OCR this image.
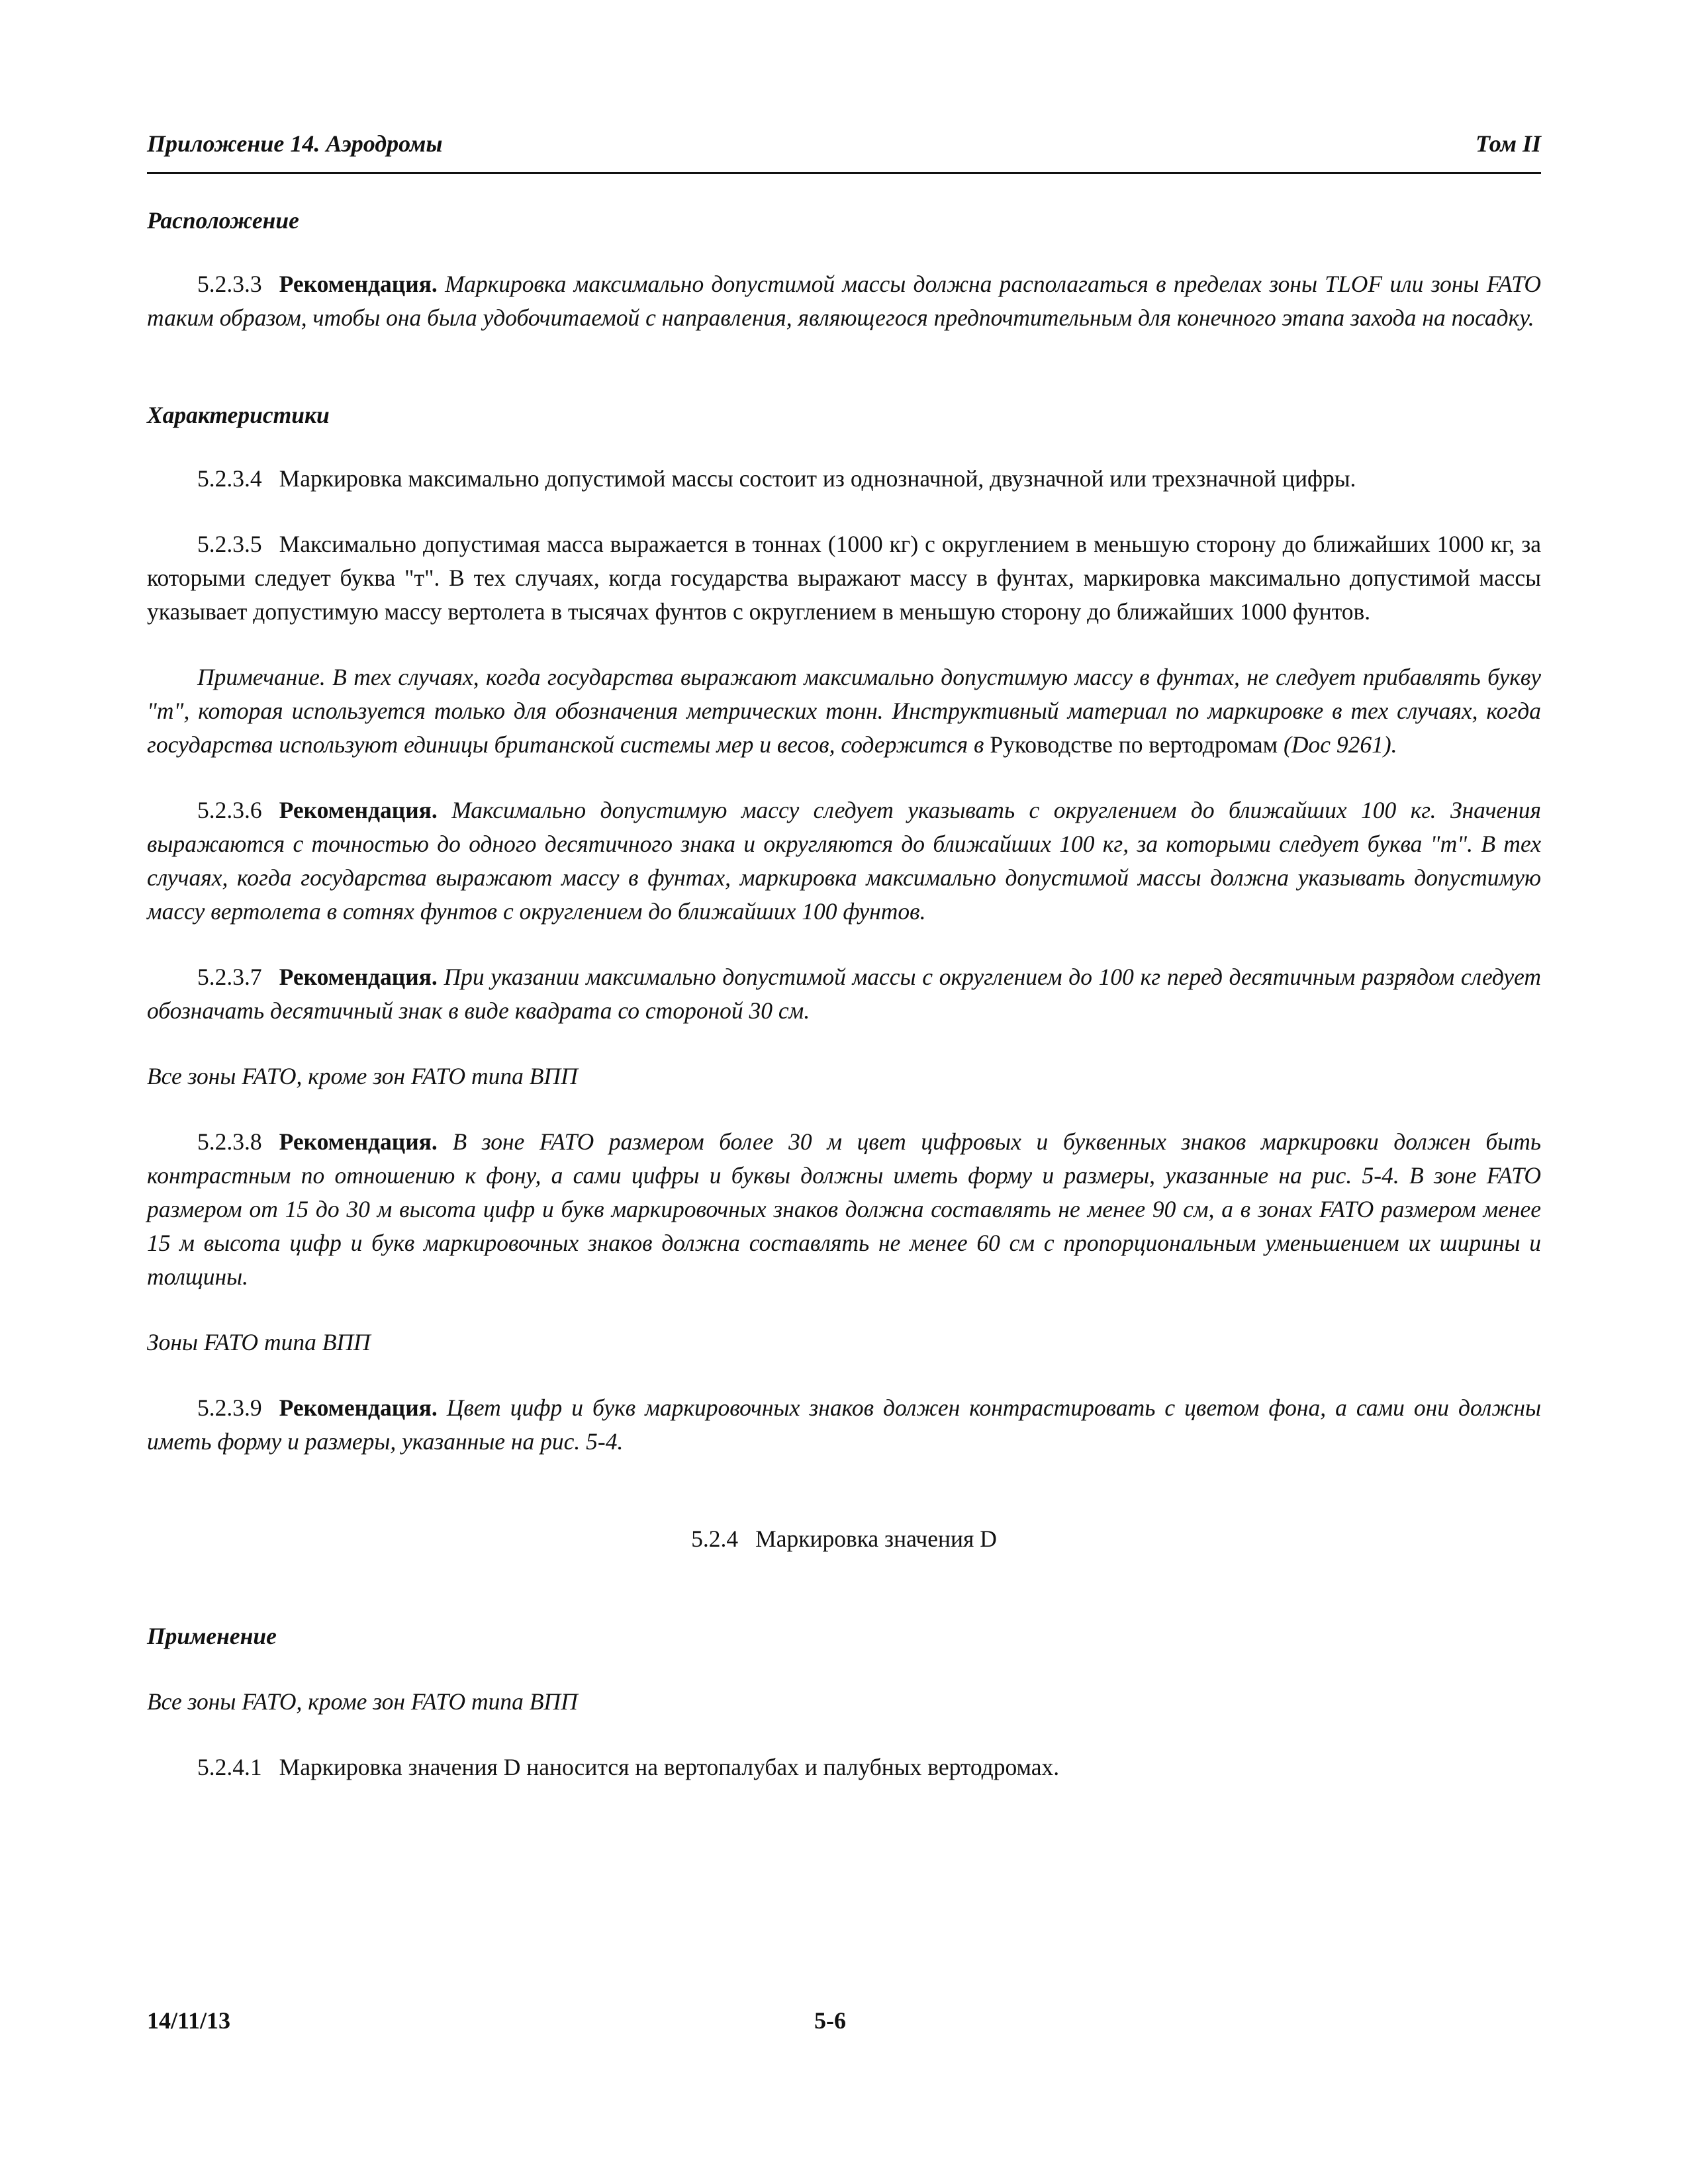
Приложение 14. Аэродромы	Том II

Расположение

5.2.3.3 Рекомендация. Маркировка максимально допустимой массы должна располагаться в пределах зоны TLOF или зоны FATO таким образом, чтобы она была удобочитаемой с направления, являющегося предпочтительным для конечного этапа захода на посадку.

Характеристики

5.2.3.4 Маркировка максимально допустимой массы состоит из однозначной, двузначной или трехзначной цифры.

5.2.3.5 Максимально допустимая масса выражается в тоннах (1000 кг) с округлением в меньшую сторону до ближайших 1000 кг, за которыми следует буква "т". В тех случаях, когда государства выражают массу в фунтах, маркировка максимально допустимой массы указывает допустимую массу вертолета в тысячах фунтов с округлением в меньшую сторону до ближайших 1000 фунтов.

Примечание. В тех случаях, когда государства выражают максимально допустимую массу в фунтах, не следует прибавлять букву "т", которая используется только для обозначения метрических тонн. Инструктивный материал по маркировке в тех случаях, когда государства используют единицы британской системы мер и весов, содержится в Руководстве по вертодромам (Doc 9261).

5.2.3.6 Рекомендация. Максимально допустимую массу следует указывать с округлением до ближайших 100 кг. Значения выражаются с точностью до одного десятичного знака и округляются до ближайших 100 кг, за которыми следует буква "т". В тех случаях, когда государства выражают массу в фунтах, маркировка максимально допустимой массы должна указывать допустимую массу вертолета в сотнях фунтов с округлением до ближайших 100 фунтов.

5.2.3.7 Рекомендация. При указании максимально допустимой массы с округлением до 100 кг перед десятичным разрядом следует обозначать десятичный знак в виде квадрата со стороной 30 см.

Все зоны FATO, кроме зон FATO типа ВПП

5.2.3.8 Рекомендация. В зоне FATO размером более 30 м цвет цифровых и буквенных знаков маркировки должен быть контрастным по отношению к фону, а сами цифры и буквы должны иметь форму и размеры, указанные на рис. 5-4. В зоне FATO размером от 15 до 30 м высота цифр и букв маркировочных знаков должна составлять не менее 90 см, а в зонах FATO размером менее 15 м высота цифр и букв маркировочных знаков должна составлять не менее 60 см с пропорциональным уменьшением их ширины и толщины.

Зоны FATO типа ВПП

5.2.3.9 Рекомендация. Цвет цифр и букв маркировочных знаков должен контрастировать с цветом фона, а сами они должны иметь форму и размеры, указанные на рис. 5-4.

5.2.4 Маркировка значения D

Применение

Все зоны FATO, кроме зон FATO типа ВПП

5.2.4.1 Маркировка значения D наносится на вертопалубах и палубных вертодромах.

14/11/13	5-6
